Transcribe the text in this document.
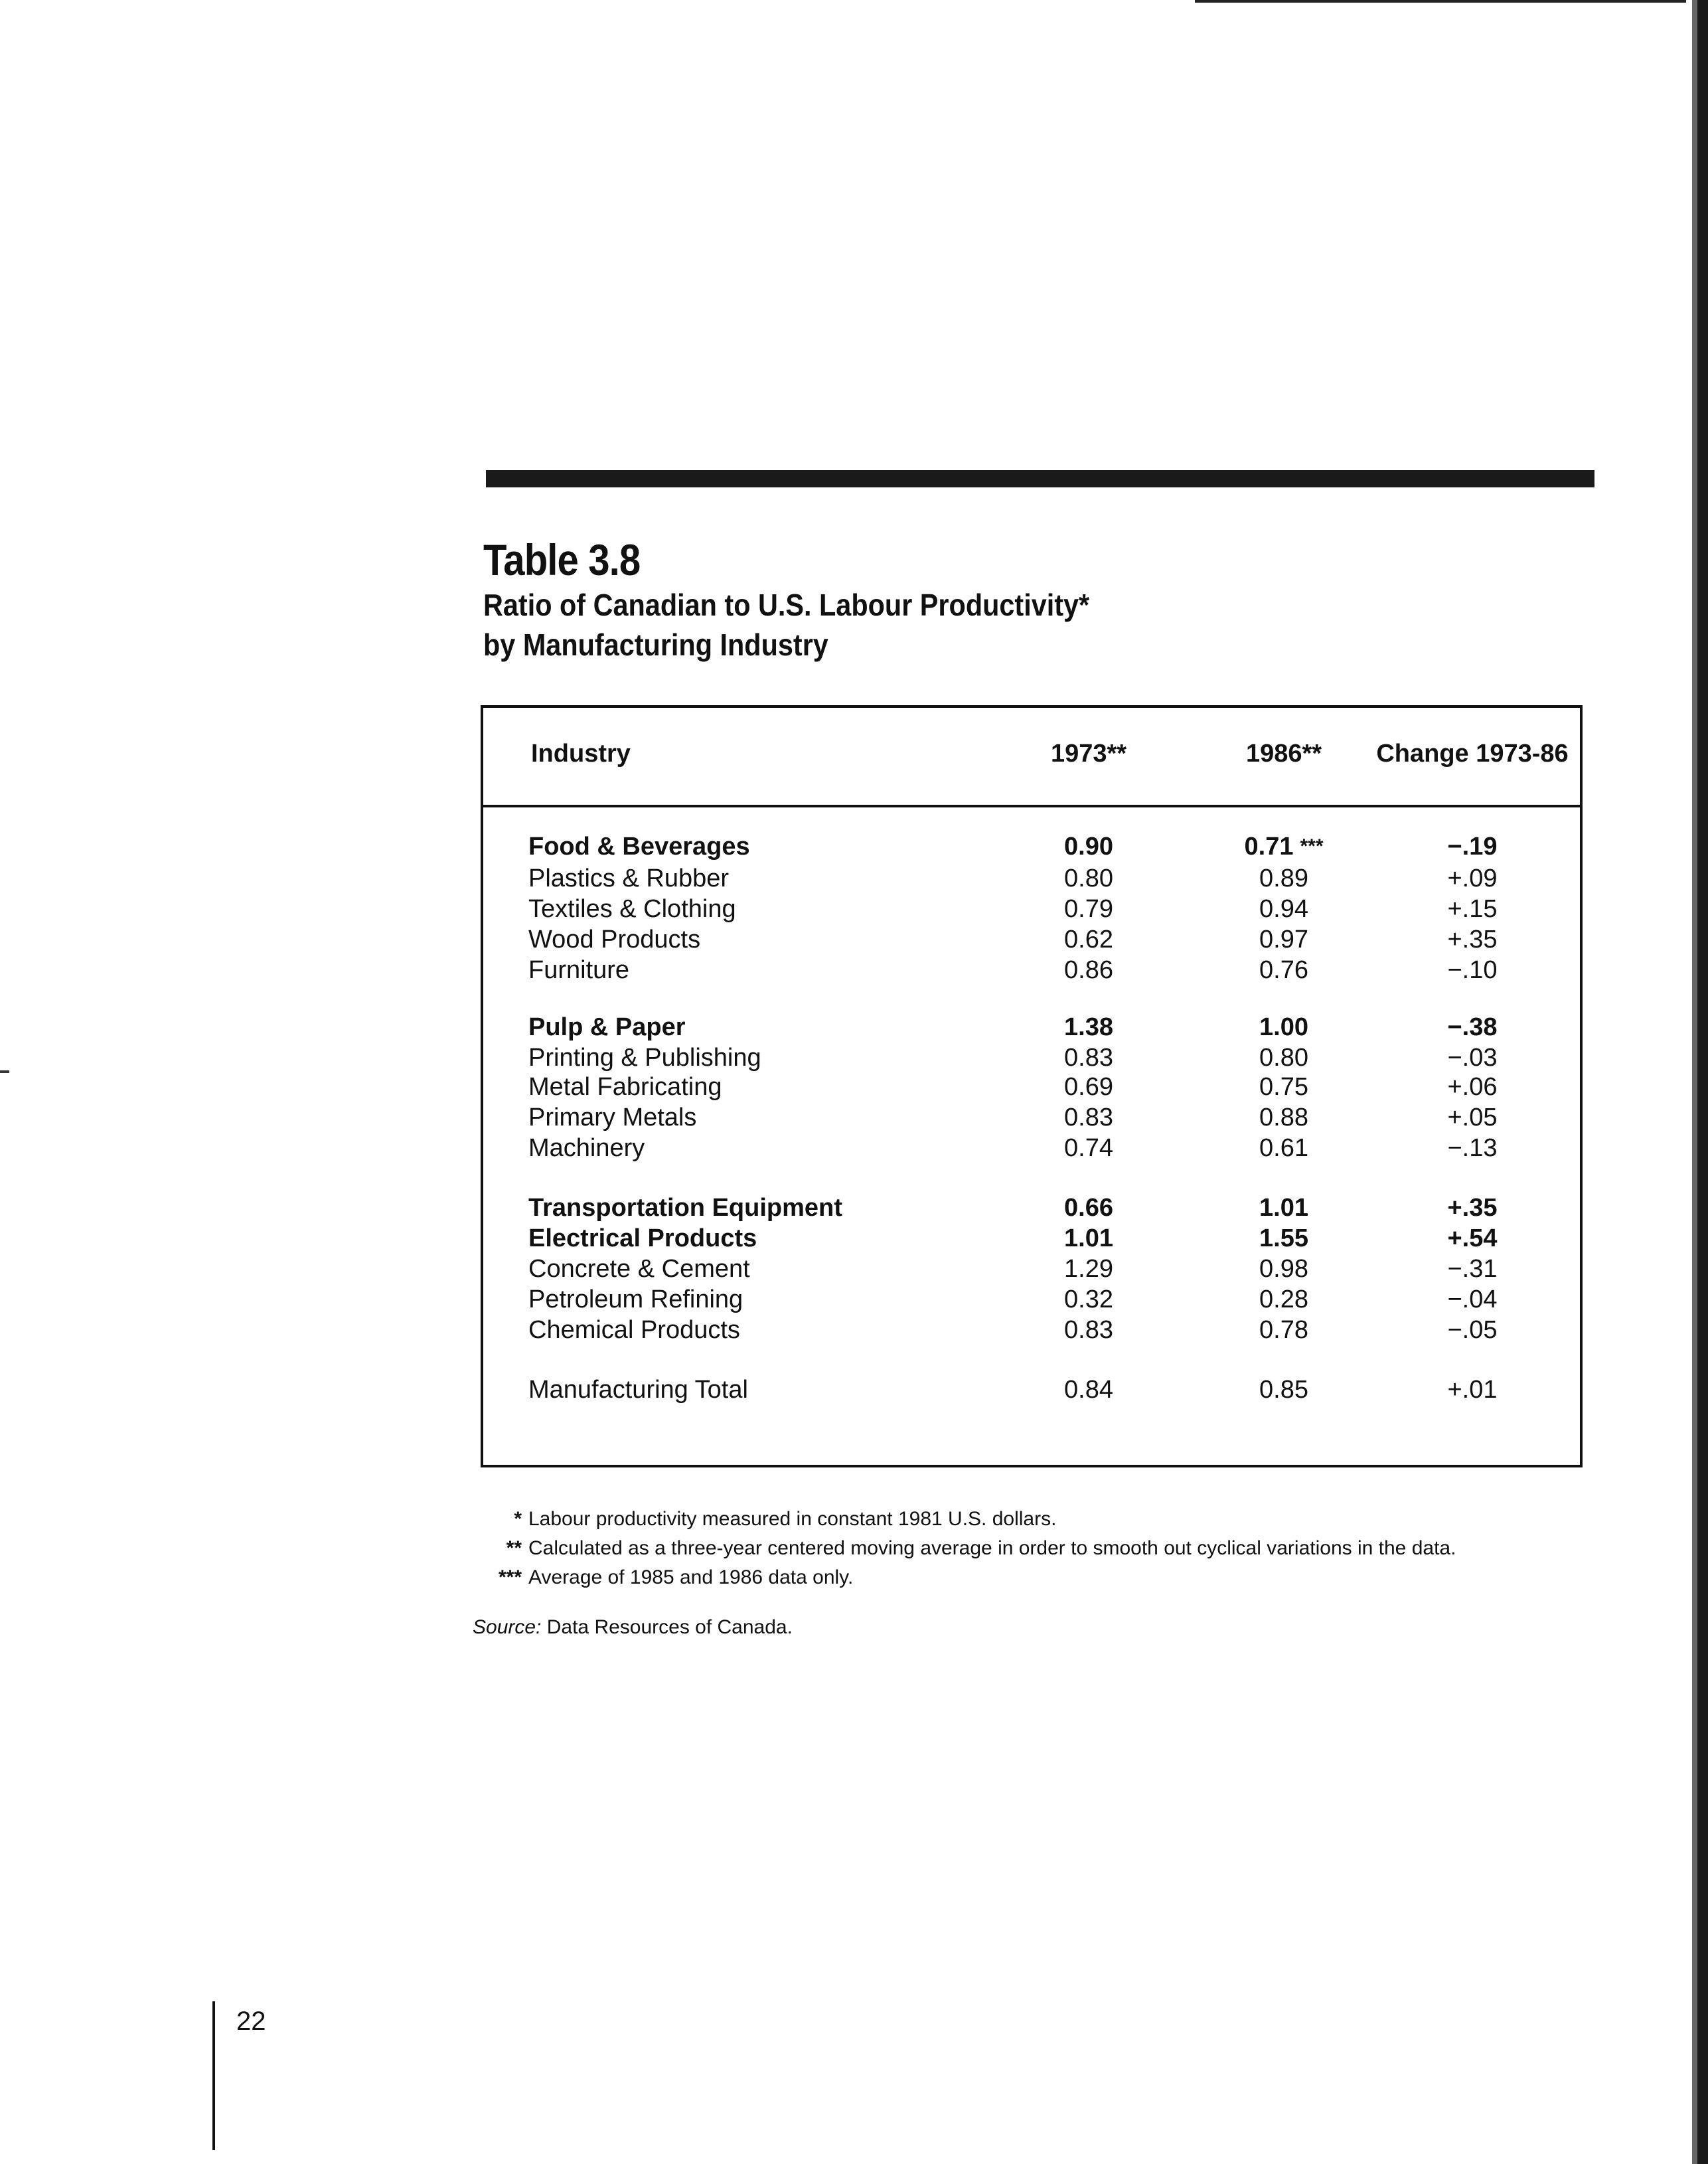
Table 3.8
Ratio of Canadian to U.S. Labour Productivity*
by Manufacturing Industry
Industry	1973**	1986**	Change 1973-86
Food & Beverages	0.90	0.71 ***	−.19
Plastics & Rubber	0.80	0.89	+.09
Textiles & Clothing	0.79	0.94	+.15
Wood Products	0.62	0.97	+.35
Furniture	0.86	0.76	−.10
Pulp & Paper	1.38	1.00	−.38
Printing & Publishing	0.83	0.80	−.03
Metal Fabricating	0.69	0.75	+.06
Primary Metals	0.83	0.88	+.05
Machinery	0.74	0.61	−.13
Transportation Equipment	0.66	1.01	+.35
Electrical Products	1.01	1.55	+.54
Concrete & Cement	1.29	0.98	−.31
Petroleum Refining	0.32	0.28	−.04
Chemical Products	0.83	0.78	−.05
Manufacturing Total	0.84	0.85	+.01
* Labour productivity measured in constant 1981 U.S. dollars.
** Calculated as a three-year centered moving average in order to smooth out cyclical variations in the data.
*** Average of 1985 and 1986 data only.
Source: Data Resources of Canada.
22
